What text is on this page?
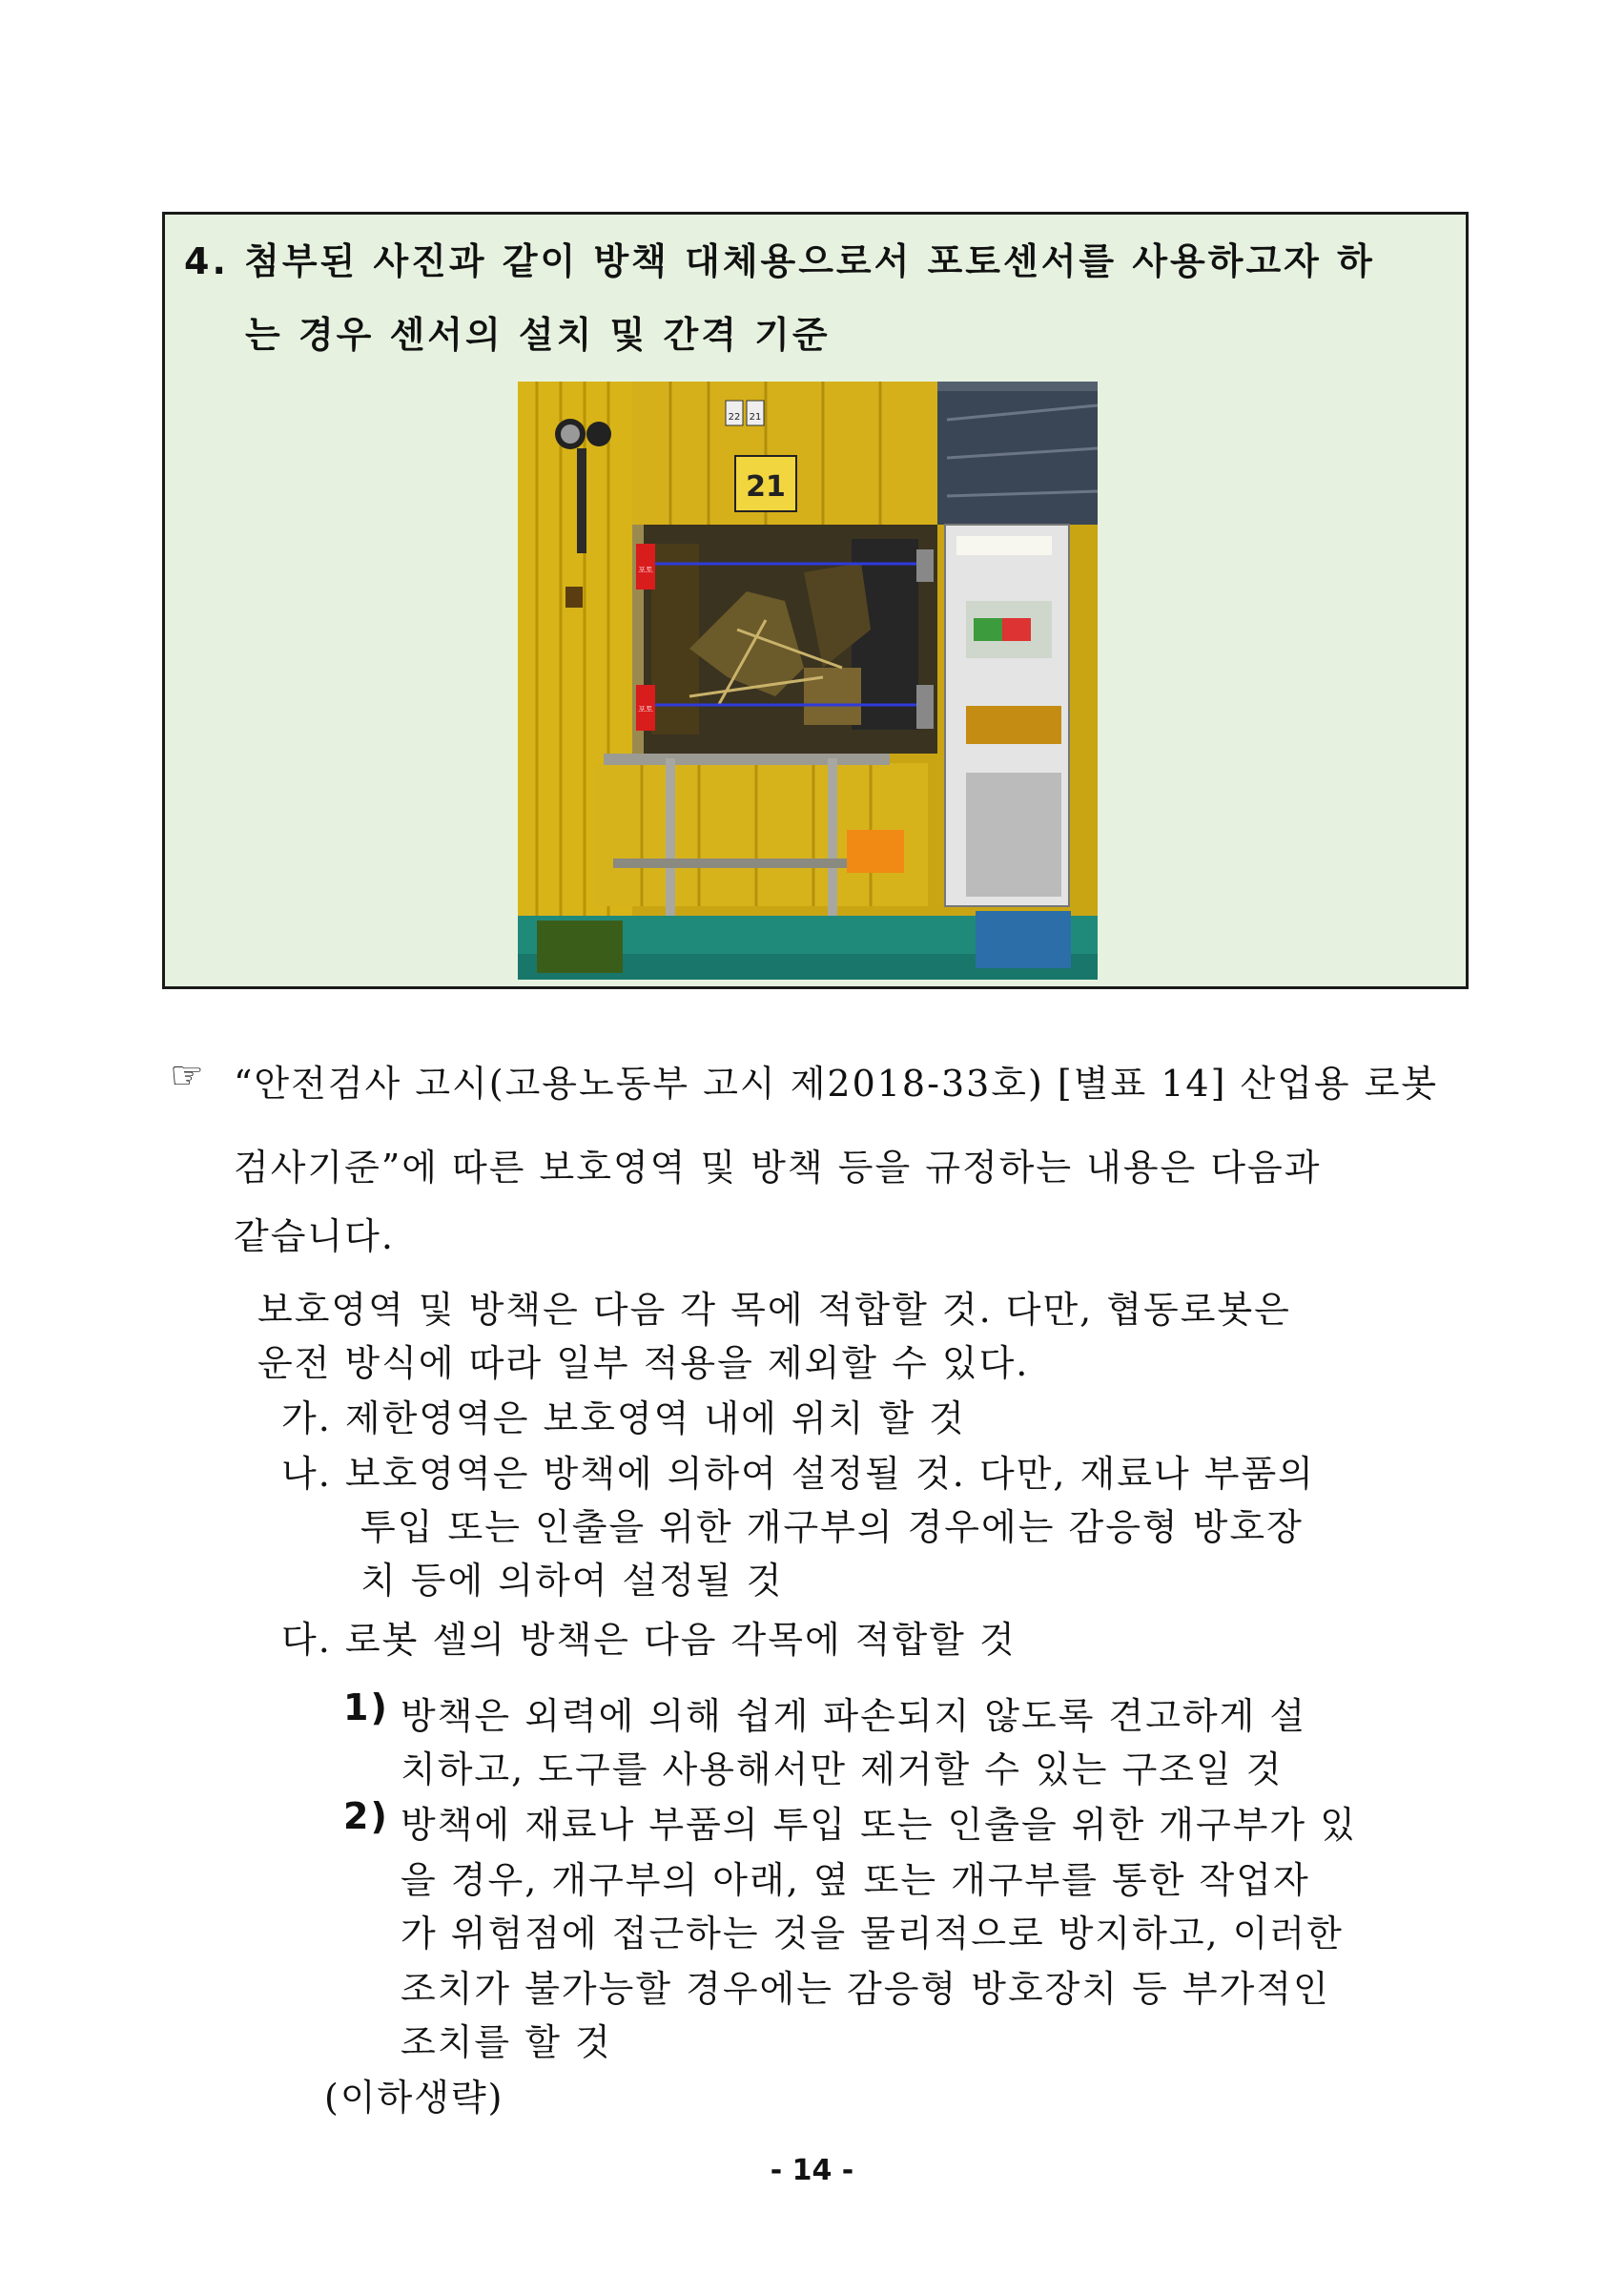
4. 첨부된 사진과 같이 방책 대체용으로서 포토센서를 사용하고자 하
는 경우 센서의 설치 및 간격 기준
21
22 21
포토
포토
☞ “안전검사 고시(고용노동부 고시 제2018-33호) [별표 14] 산업용 로봇
검사기준”에 따른 보호영역 및 방책 등을 규정하는 내용은 다음과
같습니다.
보호영역 및 방책은 다음 각 목에 적합할 것. 다만, 협동로봇은
운전 방식에 따라 일부 적용을 제외할 수 있다.
가. 제한영역은 보호영역 내에 위치 할 것
나. 보호영역은 방책에 의하여 설정될 것. 다만, 재료나 부품의
투입 또는 인출을 위한 개구부의 경우에는 감응형 방호장
치 등에 의하여 설정될 것
다. 로봇 셀의 방책은 다음 각목에 적합할 것
1) 방책은 외력에 의해 쉽게 파손되지 않도록 견고하게 설
치하고, 도구를 사용해서만 제거할 수 있는 구조일 것
2) 방책에 재료나 부품의 투입 또는 인출을 위한 개구부가 있
을 경우, 개구부의 아래, 옆 또는 개구부를 통한 작업자
가 위험점에 접근하는 것을 물리적으로 방지하고, 이러한
조치가 불가능할 경우에는 감응형 방호장치 등 부가적인
조치를 할 것
(이하생략)
- 14 -
